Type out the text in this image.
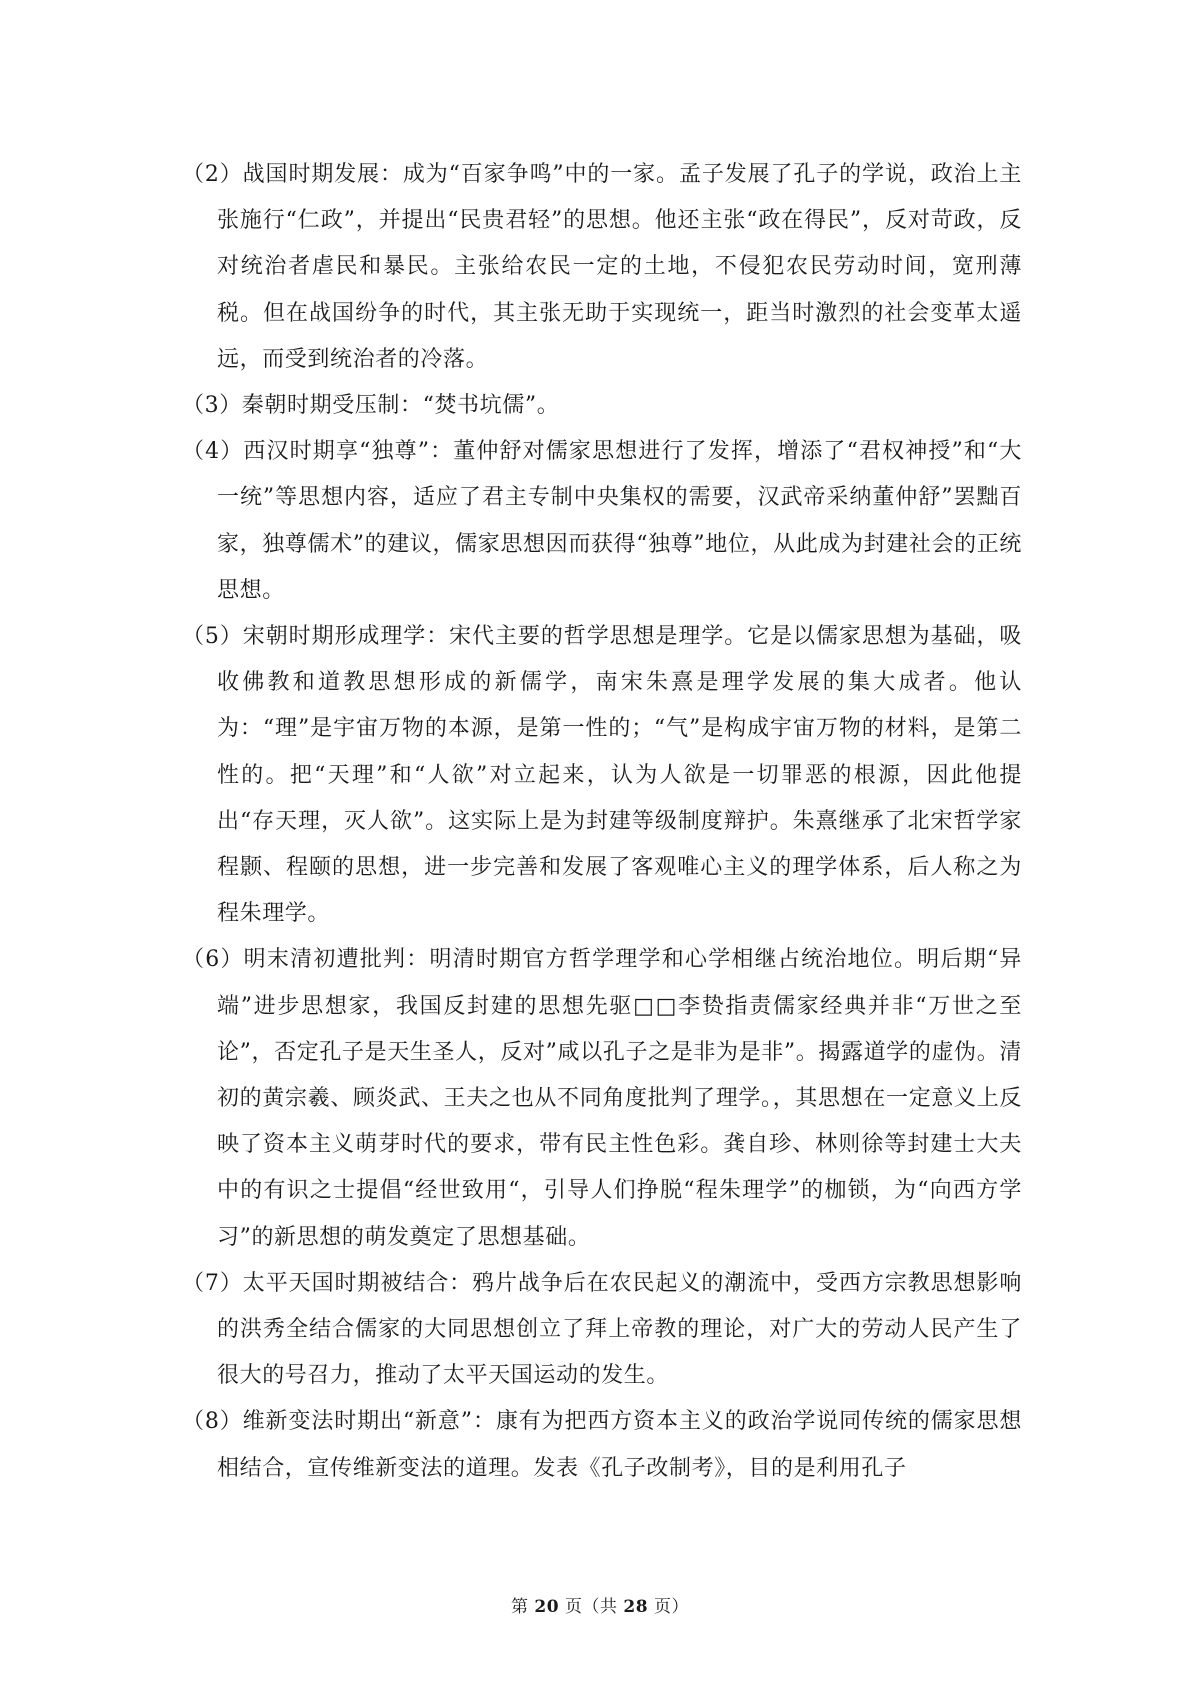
（2）战国时期发展：成为“百家争鸣”中的一家。孟子发展了孔子的学说，政治上主张施行“仁政”，并提出“民贵君轻”的思想。他还主张“政在得民”，反对苛政，反对统治者虐民和暴民。主张给农民一定的土地，不侵犯农民劳动时间，宽刑薄税。但在战国纷争的时代，其主张无助于实现统一，距当时激烈的社会变革太遥远，而受到统治者的冷落。

（3）秦朝时期受压制：“焚书坑儒”。

（4）西汉时期享“独尊”：董仲舒对儒家思想进行了发挥，增添了“君权神授”和“大一统”等思想内容，适应了君主专制中央集权的需要，汉武帝采纳董仲舒”罢黜百家，独尊儒术”的建议，儒家思想因而获得“独尊”地位，从此成为封建社会的正统思想。

（5）宋朝时期形成理学：宋代主要的哲学思想是理学。它是以儒家思想为基础，吸收佛教和道教思想形成的新儒学，南宋朱熹是理学发展的集大成者。他认为：“理”是宇宙万物的本源，是第一性的；“气”是构成宇宙万物的材料，是第二性的。把“天理”和“人欲”对立起来，认为人欲是一切罪恶的根源，因此他提出“存天理，灭人欲”。这实际上是为封建等级制度辩护。朱熹继承了北宋哲学家程颢、程颐的思想，进一步完善和发展了客观唯心主义的理学体系，后人称之为程朱理学。

（6）明末清初遭批判：明清时期官方哲学理学和心学相继占统治地位。明后期“异端”进步思想家，我国反封建的思想先驱□□李贽指责儒家经典并非“万世之至论”，否定孔子是天生圣人，反对”咸以孔子之是非为是非”。揭露道学的虚伪。清初的黄宗羲、顾炎武、王夫之也从不同角度批判了理学。，其思想在一定意义上反映了资本主义萌芽时代的要求，带有民主性色彩。龚自珍、林则徐等封建士大夫中的有识之士提倡“经世致用“，引导人们挣脱“程朱理学”的枷锁，为“向西方学习”的新思想的萌发奠定了思想基础。

（7）太平天国时期被结合：鸦片战争后在农民起义的潮流中，受西方宗教思想影响的洪秀全结合儒家的大同思想创立了拜上帝教的理论，对广大的劳动人民产生了很大的号召力，推动了太平天国运动的发生。

（8）维新变法时期出“新意”：康有为把西方资本主义的政治学说同传统的儒家思想相结合，宣传维新变法的道理。发表《孔子改制考》，目的是利用孔子

第 20 页（共 28 页）
